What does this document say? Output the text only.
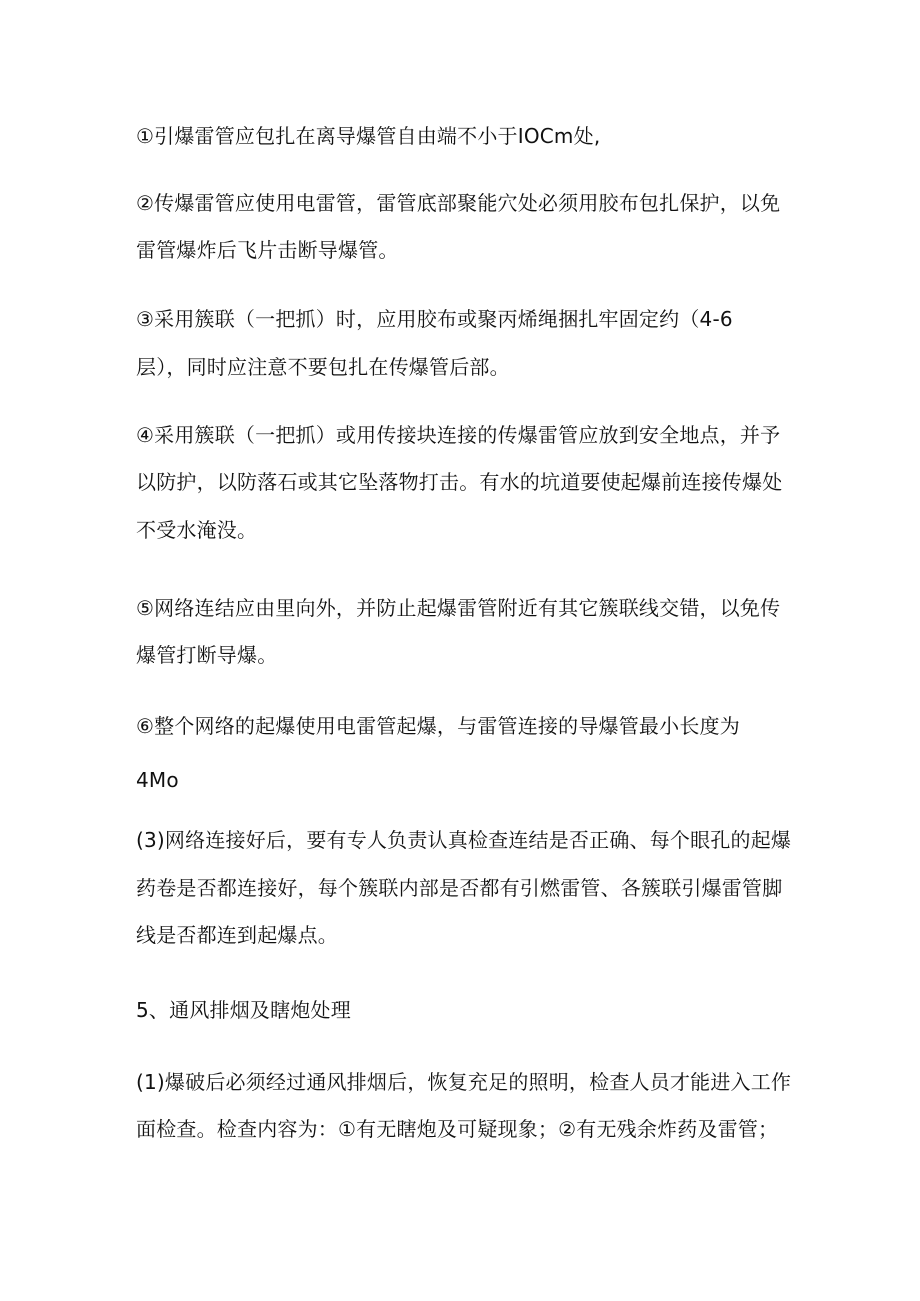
①引爆雷管应包扎在离导爆管自由端不小于IOCm处,
②传爆雷管应使用电雷管，雷管底部聚能穴处必须用胶布包扎保护，以免
雷管爆炸后飞片击断导爆管。
③采用簇联（一把抓）时，应用胶布或聚丙烯绳捆扎牢固定约（4-6
层），同时应注意不要包扎在传爆管后部。
④采用簇联（一把抓）或用传接块连接的传爆雷管应放到安全地点，并予
以防护，以防落石或其它坠落物打击。有水的坑道要使起爆前连接传爆处
不受水淹没。
⑤网络连结应由里向外，并防止起爆雷管附近有其它簇联线交错，以免传
爆管打断导爆。
⑥整个网络的起爆使用电雷管起爆，与雷管连接的导爆管最小长度为
4Mo
(3)网络连接好后，要有专人负责认真检查连结是否正确、每个眼孔的起爆
药卷是否都连接好，每个簇联内部是否都有引燃雷管、各簇联引爆雷管脚
线是否都连到起爆点。
5、通风排烟及瞎炮处理
(1)爆破后必须经过通风排烟后，恢复充足的照明，检查人员才能进入工作
面检查。检查内容为：①有无瞎炮及可疑现象；②有无残余炸药及雷管；
